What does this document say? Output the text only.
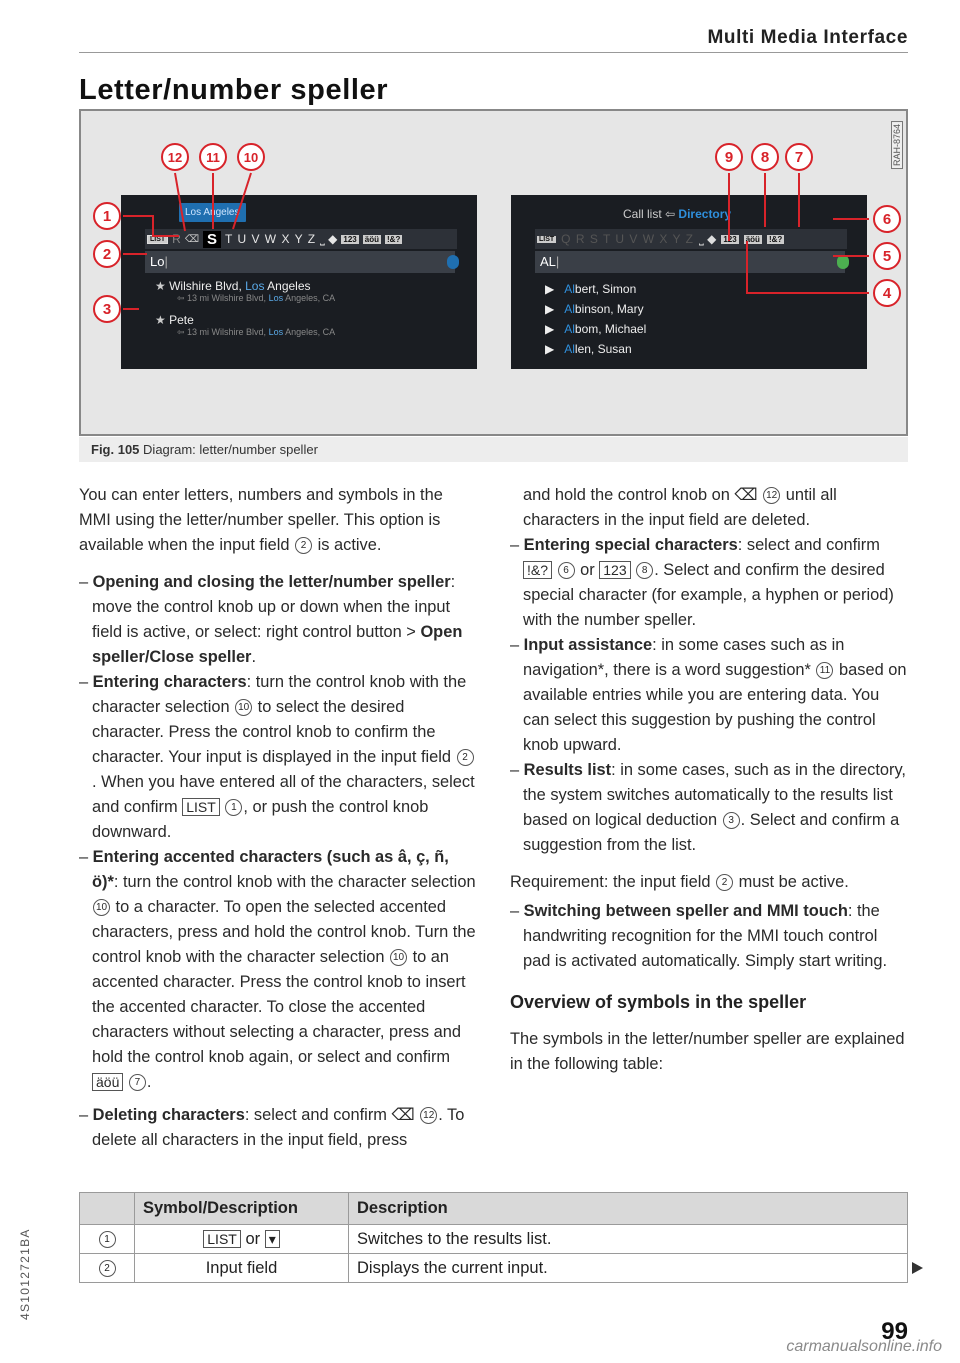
Multi Media Interface
Letter/number speller
RAH-8764
Los Angeles
LIST R ⌫ S T U V W X Y Z ⎵ ◆ 123 äöü !&?
Lo|
★ Wilshire Blvd, Los Angeles
⇦ 13 mi Wilshire Blvd, Los Angeles, CA
★ Pete
⇦ 13 mi Wilshire Blvd, Los Angeles, CA
Call list ⇦ Directory
LIST Q R S T U V W X Y Z ⎵ ◆ 123 äöü !&?
AL|
▶   Albert, Simon
▶   Albinson, Mary
▶   Albom, Michael
▶   Allen, Susan
1
2
3
4
5
6
7
8
9
10
11
12
Fig. 105 Diagram: letter/number speller

You can enter letters, numbers and symbols in the MMI using the letter/number speller. This option is available when the input field 2 is active.

– Opening and closing the letter/number speller: move the control knob up or down when the input field is active, or select: right control button > Open speller/Close speller.
– Entering characters: turn the control knob with the character selection 10 to select the desired character. Press the control knob to confirm the character. Your input is displayed in the input field 2. When you have entered all of the characters, select and confirm LIST 1 , or push the control knob downward.
– Entering accented characters (such as â, ç, ñ, ö)*: turn the control knob with the character selection 10 to a character. To open the selected accented characters, press and hold the control knob. Turn the control knob with the character selection 10 to an accented character. Press the control knob to insert the accented character. To close the accented characters without selecting a character, press and hold the control knob again, or select and confirm
äöü 7 .
– Deleting characters: select and confirm ⌫ 12 . To delete all characters in the input field, press
and hold the control knob on ⌫ 12 until all characters in the input field are deleted.
– Entering special characters: select and confirm !&? 6 or 123 8 . Select and confirm the desired special character (for example, a hyphen or period) with the number speller.
– Input assistance: in some cases such as in navigation*, there is a word suggestion* 11 based on available entries while you are entering data. You can select this suggestion by pushing the control knob upward.
– Results list: in some cases, such as in the directory, the system switches automatically to the results list based on logical deduction 3 . Select and confirm a suggestion from the list.

Requirement: the input field 2 must be active.

– Switching between speller and MMI touch: the handwriting recognition for the MMI touch control pad is activated automatically. Simply start writing.
Overview of symbols in the speller

The symbols in the letter/number speller are explained in the following table:

	Symbol/Description	Description
1	LIST or ▾	Switches to the results list.
2	Input field	Displays the current input.
4S1012721BA
99
carmanualsonline.info
